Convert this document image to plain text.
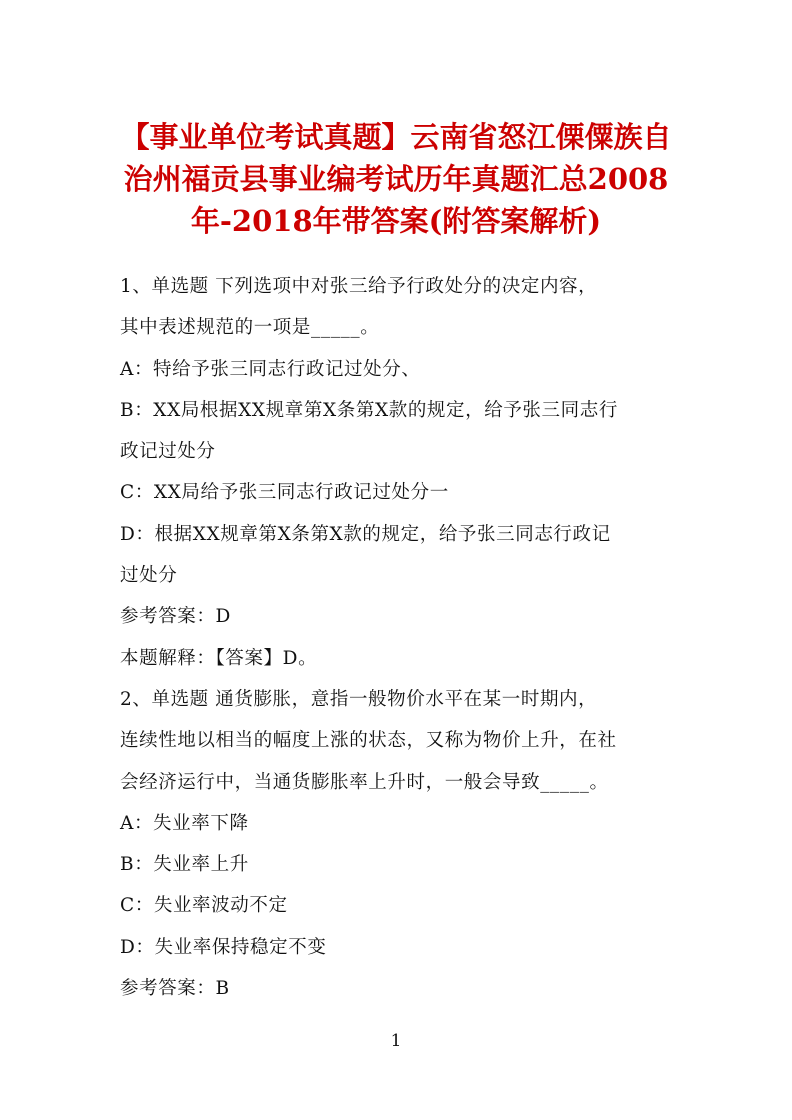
【事业单位考试真题】云南省怒江傈僳族自
治州福贡县事业编考试历年真题汇总2008
年-2018年带答案(附答案解析)
1、单选题 下列选项中对张三给予行政处分的决定内容，
其中表述规范的一项是_____。
A：特给予张三同志行政记过处分、
B：XX局根据XX规章第X条第X款的规定，给予张三同志行
政记过处分
C：XX局给予张三同志行政记过处分一
D：根据XX规章第X条第X款的规定，给予张三同志行政记
过处分
参考答案：D
本题解释：【答案】D。
2、单选题 通货膨胀，意指一般物价水平在某一时期内，
连续性地以相当的幅度上涨的状态，又称为物价上升，在社
会经济运行中，当通货膨胀率上升时，一般会导致_____。
A：失业率下降
B：失业率上升
C：失业率波动不定
D：失业率保持稳定不变
参考答案：B
1
